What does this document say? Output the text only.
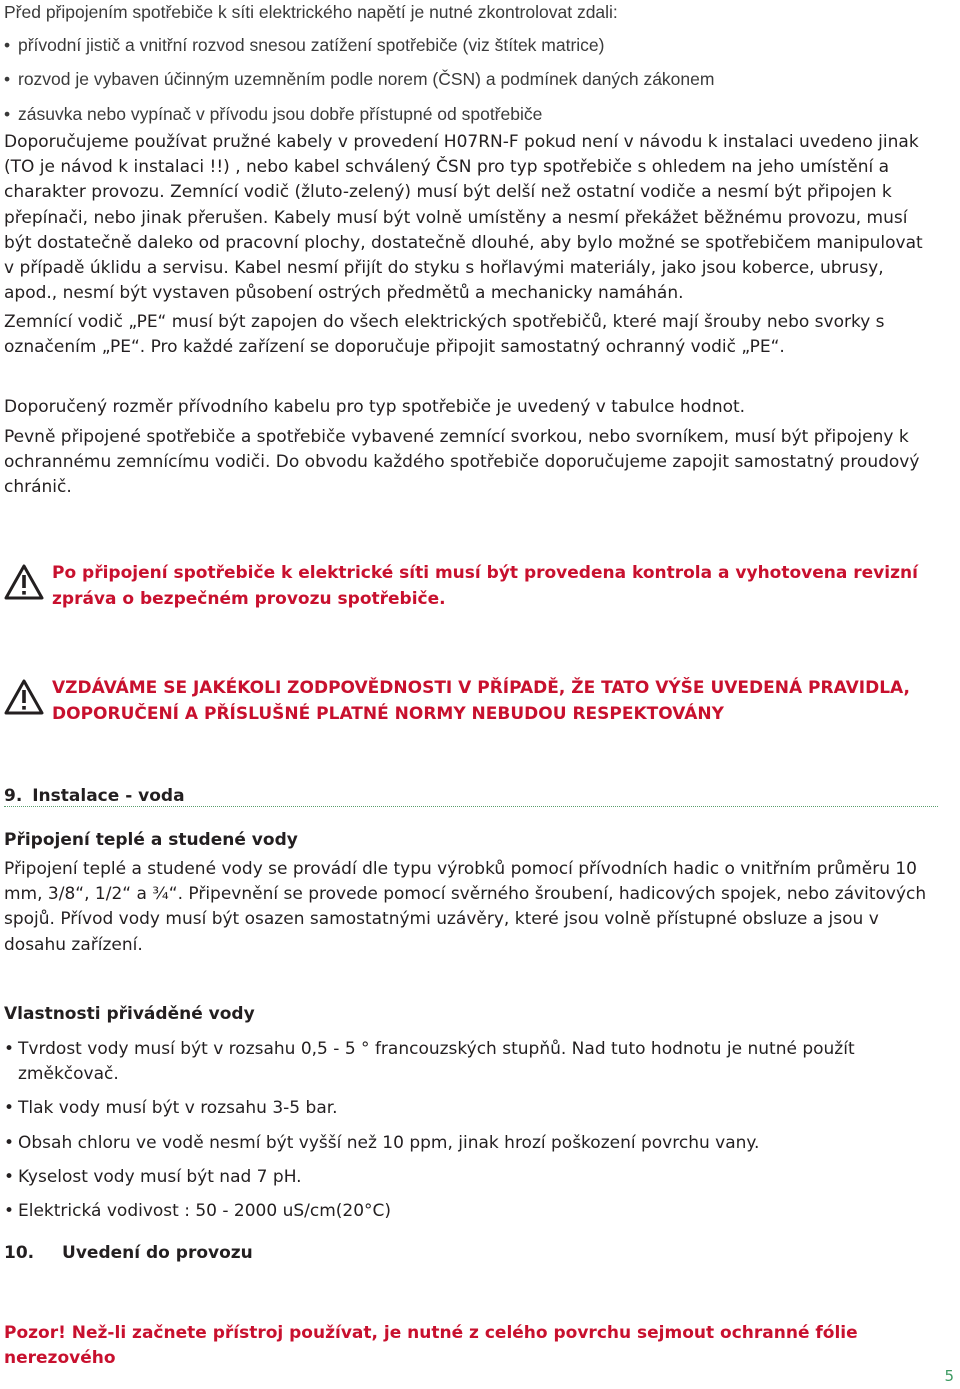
Před připojením spotřebiče k síti elektrického napětí je nutné zkontrolovat zdali:
• přívodní jistič a vnitřní rozvod snesou zatížení spotřebiče (viz štítek matrice)
• rozvod je vybaven účinným uzemněním podle norem (ČSN) a podmínek daných zákonem
• zásuvka nebo vypínač v přívodu jsou dobře přístupné od spotřebiče
Doporučujeme používat pružné kabely v provedení H07RN-F pokud není v návodu k instalaci uvedeno jinak (TO je návod k instalaci !!) , nebo kabel schválený ČSN pro typ spotřebiče s ohledem na jeho umístění a charakter provozu. Zemnící vodič (žluto-zelený) musí být delší než ostatní vodiče a nesmí být připojen k přepínači, nebo jinak přerušen. Kabely musí být volně umístěny a nesmí překážet běžnému provozu, musí být dostatečně daleko od pracovní plochy, dostatečně dlouhé, aby bylo možné se spotřebičem manipulovat v případě úklidu a servisu. Kabel nesmí přijít do styku s hořlavými materiály, jako jsou koberce, ubrusy, apod., nesmí být vystaven působení ostrých předmětů a mechanicky namáhán.
Zemnící vodič „PE“ musí být zapojen do všech elektrických spotřebičů, které mají šrouby nebo svorky s označením „PE“. Pro každé zařízení se doporučuje připojit samostatný ochranný vodič „PE“.
Doporučený rozměr přívodního kabelu pro typ spotřebiče je uvedený v tabulce hodnot.
Pevně připojené spotřebiče a spotřebiče vybavené zemnící svorkou, nebo svorníkem, musí být připojeny k ochrannému zemnícímu vodiči. Do obvodu každého spotřebiče doporučujeme zapojit samostatný proudový chránič.
Po připojení spotřebiče k elektrické síti musí být provedena kontrola a vyhotovena revizní zpráva o bezpečném provozu spotřebiče.
VZDÁVÁME SE JAKÉKOLI ZODPOVĚDNOSTI V PŘÍPADĚ, ŽE TATO VÝŠE UVEDENÁ PRAVIDLA, DOPORUČENÍ A PŘÍSLUŠNÉ PLATNÉ NORMY NEBUDOU RESPEKTOVÁNY
9. Instalace - voda
Připojení teplé a studené vody
Připojení teplé a studené vody se provádí dle typu výrobků pomocí přívodních hadic o vnitřním průměru 10 mm, 3/8“, 1/2“ a ¾“. Připevnění se provede pomocí svěrného šroubení, hadicových spojek, nebo závitových spojů. Přívod vody musí být osazen samostatnými uzávěry, které jsou volně přístupné obsluze a jsou v dosahu zařízení.
Vlastnosti přiváděné vody
• Tvrdost vody musí být v rozsahu 0,5 - 5 ° francouzských stupňů. Nad tuto hodnotu je nutné použít změkčovač.
• Tlak vody musí být v rozsahu 3-5 bar.
• Obsah chloru ve vodě nesmí být vyšší než 10 ppm, jinak hrozí poškození povrchu vany.
• Kyselost vody musí být nad 7 pH.
• Elektrická vodivost : 50 - 2000 uS/cm(20°C)
10. Uvedení do provozu
Pozor! Než-li začnete přístroj používat, je nutné z celého povrchu sejmout ochranné fólie nerezového
5
